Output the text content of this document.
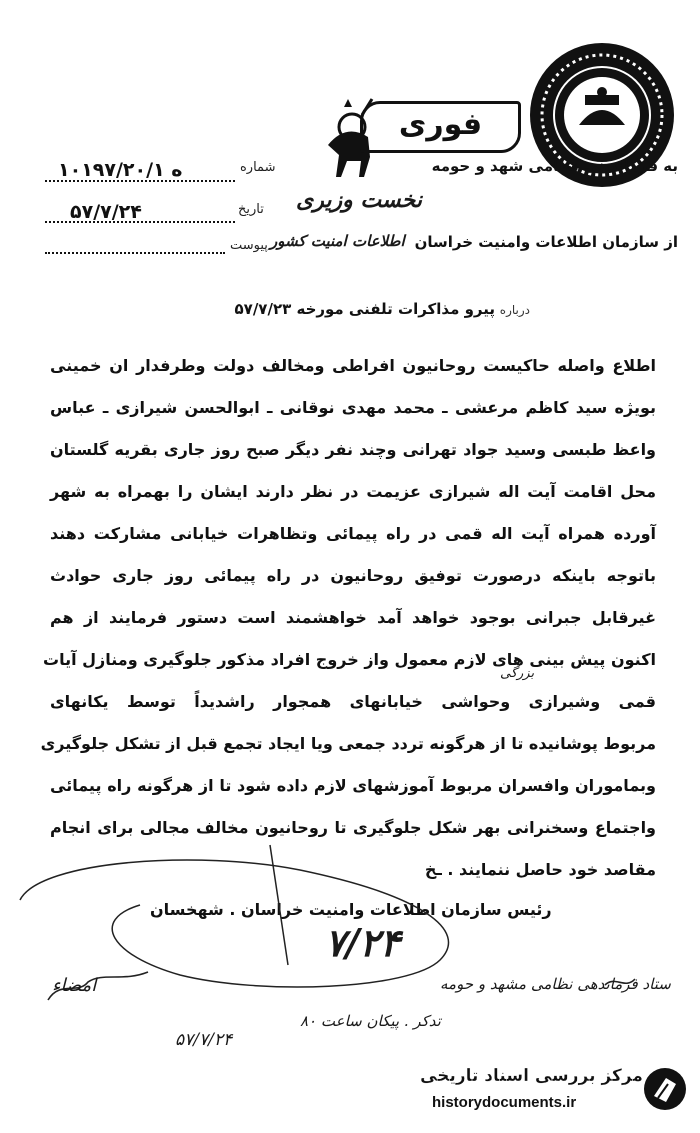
فوری
نخست وزیری
به فرماندهی نظامی شهد و حومه
از سازمان اطلاعات وامنیت خراسان
اطلاعات امنیت کشور
شماره
۱۰۱۹۷/۲۰/ه ۱
تاریخ
۵۷/۷/۲۴
پیوست
درباره پیرو مذاکرات تلفنی مورخه ۵۷/۷/۲۳
اطلاع واصله حاکیست روحانیون افراطی ومخالف دولت وطرفدار ان خمینی
بویژه سید کاظم مرعشی ـ محمد مهدی نوقانی ـ ابوالحسن شیرازی ـ عباس
واعظ طبسی وسید جواد تهرانی وچند نفر دیگر صبح روز جاری بقریه گلستان
محل اقامت آیت اله شیرازی عزیمت در نظر دارند ایشان را بهمراه به شهر
آورده همراه آیت اله قمی در راه پیمائی وتظاهرات خیابانی مشارکت دهند
باتوجه باینکه درصورت توفیق روحانیون در راه پیمائی روز جاری حوادث
غیرقابل جبرانی بوجود خواهد آمد خواهشمند است دستور فرمایند از هم
اکنون پیش بینی های لازم معمول واز خروج افراد مذکور جلوگیری ومنازل آیات
قمی وشیرازی وحواشی خیابانهای همجوار راشدیداً توسط یکانهای
مربوط پوشانیده تا از هرگونه تردد جمعی ویا ایجاد تجمع قبل از تشکل جلوگیری
وبماموران وافسران مربوط آموزشهای لازم داده شود تا از هرگونه راه پیمائی
واجتماع وسخنرانی بهر شکل جلوگیری تا روحانیون مخالف مجالی برای انجام
مقاصد خود حاصل ننمایند . ـخ
بزرگی
رئیس سازمان اطلاعات وامنیت خراسان . شهخسان
۷/۲۴
ستاد فرماندهی نظامی مشهد و حومه
تدکر . پیکان ساعت ۸۰
۵۷/۷/۲۴
امضاء
مرکز بررسی اسناد تاریخی
historydocuments.ir
